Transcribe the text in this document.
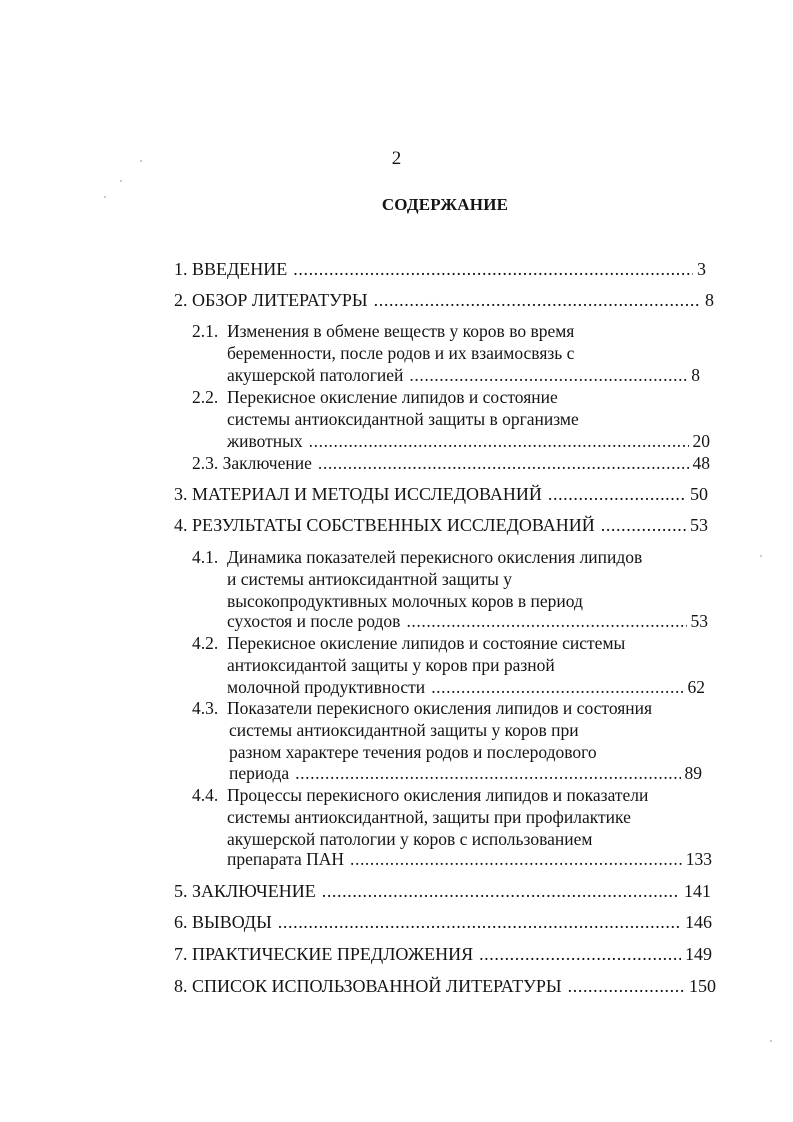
2
СОДЕРЖАНИЕ
1. ВВЕДЕНИЕ .....	3
2. ОБЗОР ЛИТЕРАТУРЫ .....	8
2.1. Изменения в обмене веществ у коров во время
беременности, после родов и их взаимосвязь с
акушерской патологией .....	8
2.2. Перекисное окисление липидов и состояние
системы антиоксидантной защиты в организме
животных .....	20
2.3. Заключение .....	48
3. МАТЕРИАЛ И МЕТОДЫ ИССЛЕДОВАНИЙ .....	50
4. РЕЗУЛЬТАТЫ СОБСТВЕННЫХ ИССЛЕДОВАНИЙ .....	53
4.1. Динамика показателей перекисного окисления липидов
и системы антиоксидантной защиты у
высокопродуктивных молочных коров в период
сухостоя и после родов .....	53
4.2. Перекисное окисление липидов и состояние системы
антиоксидантой защиты у коров при разной
молочной продуктивности .....	62
4.3. Показатели перекисного окисления липидов и состояния
системы антиоксидантной защиты у коров при
разном характере течения родов и послеродового
периода .....	89
4.4. Процессы перекисного окисления липидов и показатели
системы антиоксидантной, защиты при профилактике
акушерской патологии у коров с использованием
препарата ПАН .....	133
5. ЗАКЛЮЧЕНИЕ .....	141
6. ВЫВОДЫ .....	146
7. ПРАКТИЧЕСКИЕ ПРЕДЛОЖЕНИЯ .....	149
8. СПИСОК ИСПОЛЬЗОВАННОЙ ЛИТЕРАТУРЫ .....	150
